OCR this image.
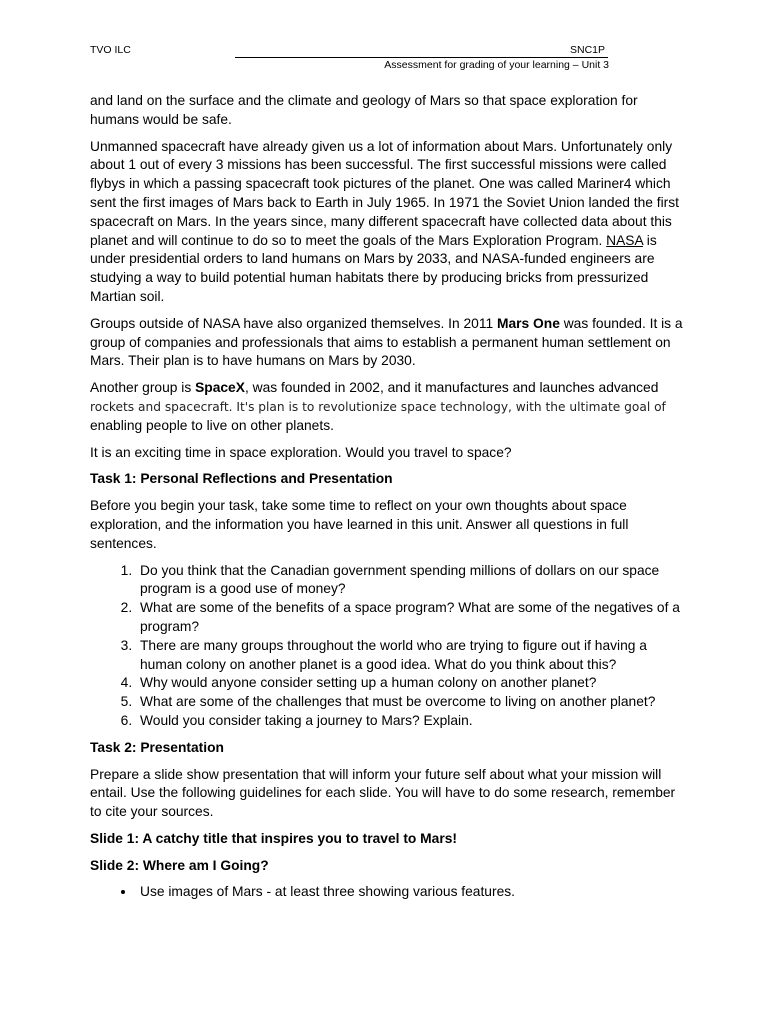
TVO ILC	SNC1P
Assessment for grading of your learning – Unit 3

and land on the surface and the climate and geology of Mars so that space exploration for humans would be safe.

Unmanned spacecraft have already given us a lot of information about Mars. Unfortunately only about 1 out of every 3 missions has been successful. The first successful missions were called flybys in which a passing spacecraft took pictures of the planet. One was called Mariner4 which sent the first images of Mars back to Earth in July 1965. In 1971 the Soviet Union landed the first spacecraft on Mars. In the years since, many different spacecraft have collected data about this planet and will continue to do so to meet the goals of the Mars Exploration Program. NASA is under presidential orders to land humans on Mars by 2033, and NASA-funded engineers are studying a way to build potential human habitats there by producing bricks from pressurized Martian soil.

Groups outside of NASA have also organized themselves. In 2011 Mars One was founded. It is a group of companies and professionals that aims to establish a permanent human settlement on Mars. Their plan is to have humans on Mars by 2030.

Another group is SpaceX, was founded in 2002, and it manufactures and launches advanced rockets and spacecraft. It's plan is to revolutionize space technology, with the ultimate goal of enabling people to live on other planets.

It is an exciting time in space exploration. Would you travel to space?

Task 1: Personal Reflections and Presentation

Before you begin your task, take some time to reflect on your own thoughts about space exploration, and the information you have learned in this unit. Answer all questions in full sentences.

1. Do you think that the Canadian government spending millions of dollars on our space program is a good use of money?
2. What are some of the benefits of a space program? What are some of the negatives of a program?
3. There are many groups throughout the world who are trying to figure out if having a human colony on another planet is a good idea. What do you think about this?
4. Why would anyone consider setting up a human colony on another planet?
5. What are some of the challenges that must be overcome to living on another planet?
6. Would you consider taking a journey to Mars? Explain.
Task 2: Presentation

Prepare a slide show presentation that will inform your future self about what your mission will entail. Use the following guidelines for each slide. You will have to do some research, remember to cite your sources.

Slide 1: A catchy title that inspires you to travel to Mars!
Slide 2: Where am I Going?
• Use images of Mars - at least three showing various features.
